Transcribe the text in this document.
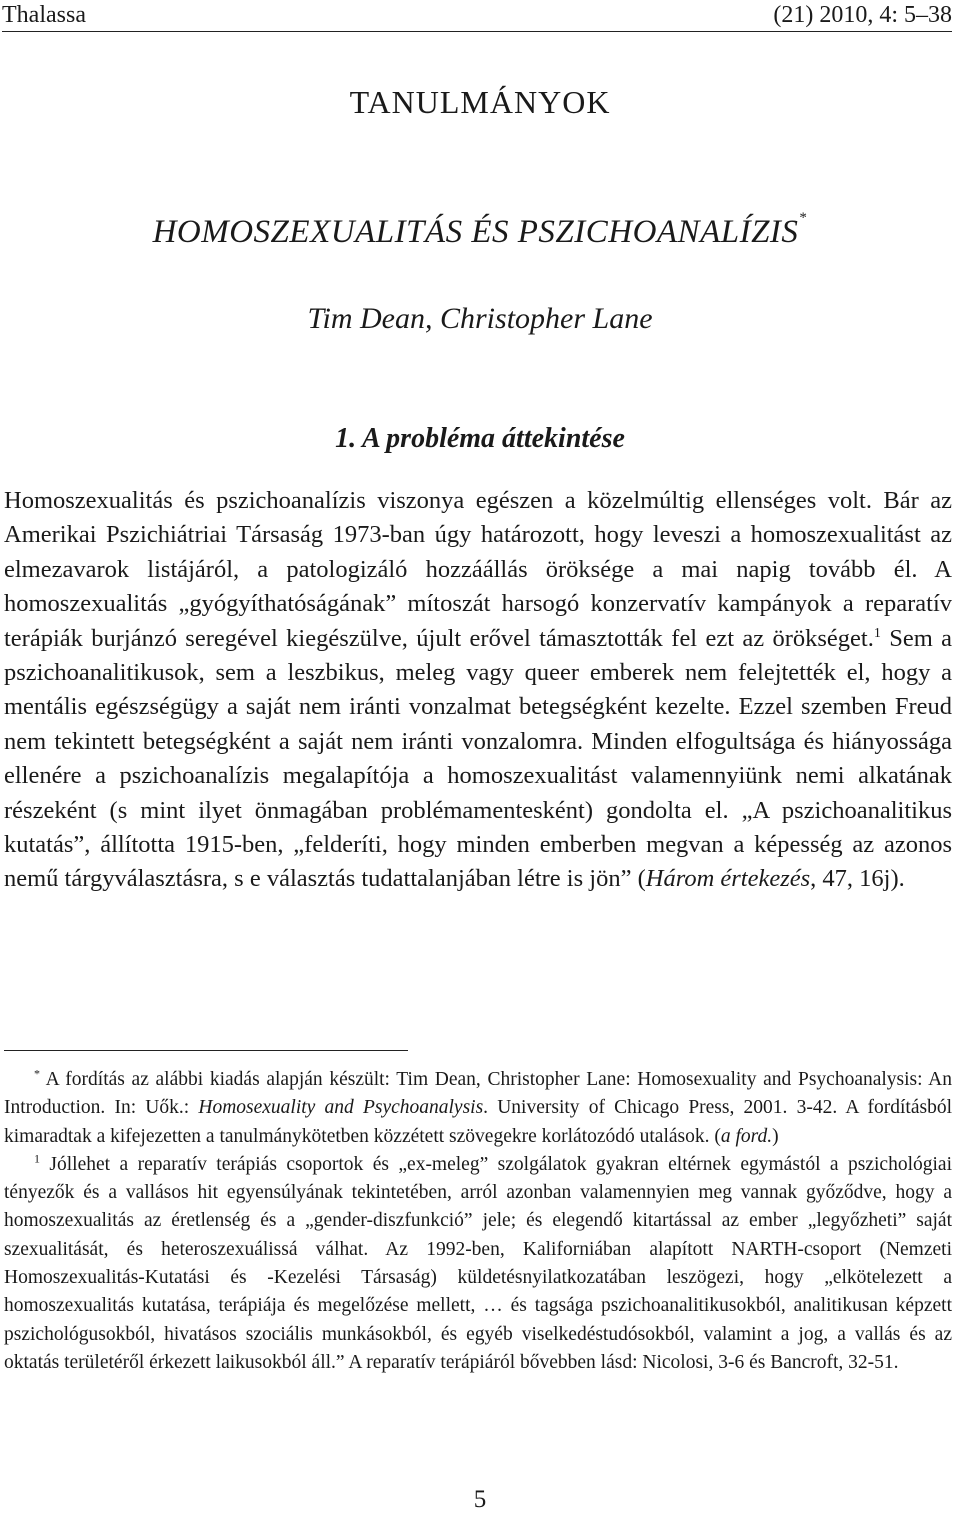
Thalassa	(21) 2010, 4: 5–38
TANULMÁNYOK
HOMOSZEXUALITÁS ÉS PSZICHOANALÍZIS*
Tim Dean, Christopher Lane
1. A probléma áttekintése

Homoszexualitás és pszichoanalízis viszonya egészen a közelmúltig ellenséges volt. Bár az Amerikai Pszichiátriai Társaság 1973-ban úgy határozott, hogy leveszi a homoszexualitást az elmezavarok listájáról, a patologizáló hozzáállás öröksége a mai napig tovább él. A homoszexualitás „gyógyíthatóságának” mítoszát harsogó konzervatív kampányok a reparatív terápiák burjánzó seregével kiegészülve, újult erővel támasztották fel ezt az örökséget.$^1$ Sem a pszichoanalitikusok, sem a leszbikus, meleg vagy queer emberek nem felejtették el, hogy a mentális egészségügy a saját nem iránti vonzalmat betegségként kezelte. Ezzel szemben Freud nem tekintett betegségként a saját nem iránti vonzalomra. Minden elfogultsága és hiányossága ellenére a pszichoanalízis megalapítója a homoszexualitást valamennyiünk nemi alkatának részeként (s mint ilyet önmagában problémamentesként) gondolta el. „A pszichoanalitikus kutatás”, állította 1915-ben, „felderíti, hogy minden emberben megvan a képesség az azonos nemű tárgyválasztásra, s e választás tudattalanjában létre is jön” (Három értekezés, 47, 16j).

* A fordítás az alábbi kiadás alapján készült: Tim Dean, Christopher Lane: Homosexuality and Psychoanalysis: An Introduction. In: Uők.: Homosexuality and Psychoanalysis. University of Chicago Press, 2001. 3-42. A fordításból kimaradtak a kifejezetten a tanulmánykötetben közzétett szövegekre korlátozódó utalások. (a ford.)

$^1$ Jóllehet a reparatív terápiás csoportok és „ex-meleg” szolgálatok gyakran eltérnek egymástól a pszichológiai tényezők és a vallásos hit egyensúlyának tekintetében, arról azonban valamennyien meg vannak győződve, hogy a homoszexualitás az éretlenség és a „gender-diszfunkció” jele; és elegendő kitartással az ember „legyőzheti” saját szexualitását, és heteroszexuálissá válhat. Az 1992-ben, Kaliforniában alapított NARTH-csoport (Nemzeti Homoszexualitás-Kutatási és -Kezelési Társaság) küldetésnyilatkozatában leszögezi, hogy „elkötelezett a homoszexualitás kutatása, terápiája és megelőzése mellett, … és tagsága pszichoanalitikusokból, analitikusan képzett pszichológusokból, hivatásos szociális munkásokból, és egyéb viselkedéstudósokból, valamint a jog, a vallás és az oktatás területéről érkezett laikusokból áll.” A reparatív terápiáról bővebben lásd: Nicolosi, 3-6 és Bancroft, 32-51.

5
